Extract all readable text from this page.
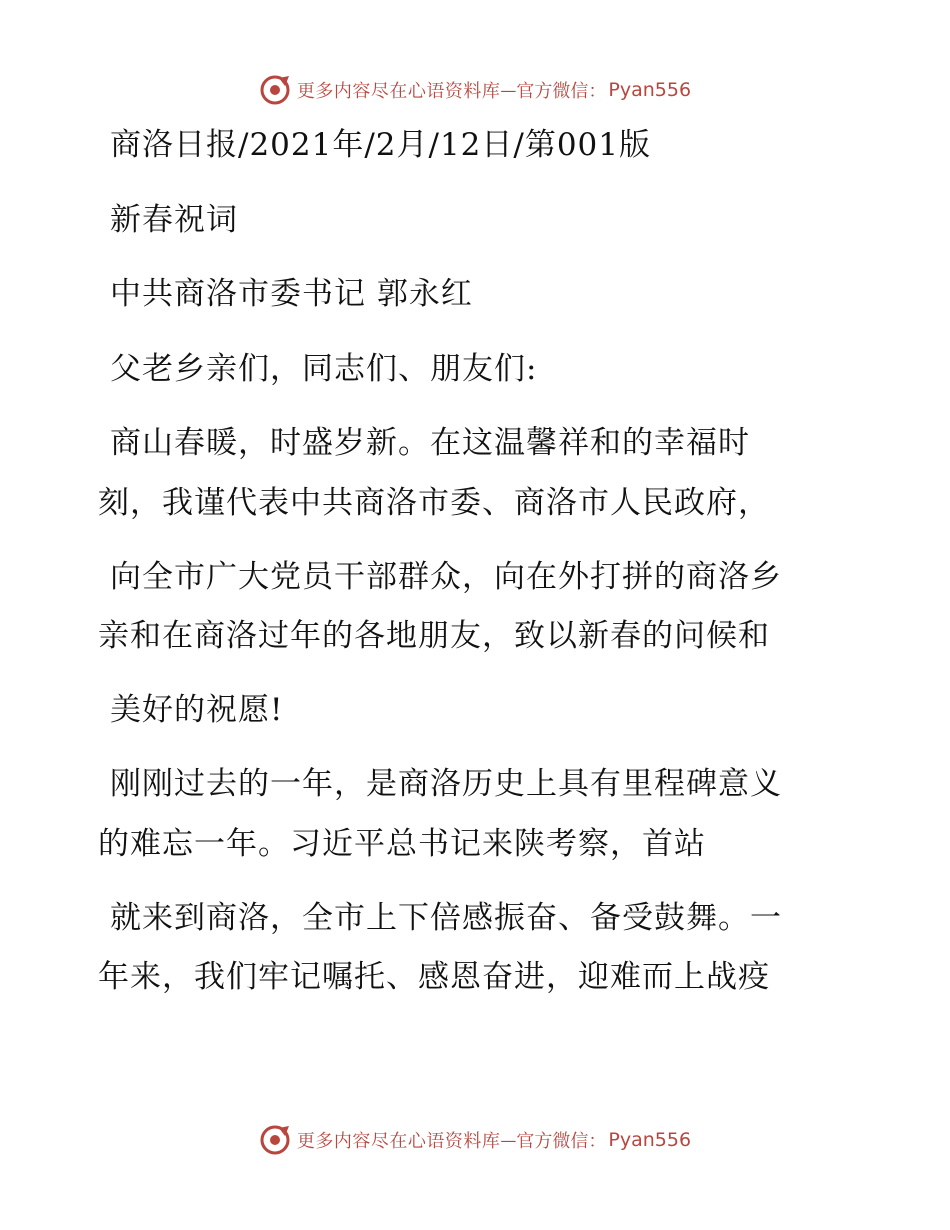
更多内容尽在心语资料库 — 官方微信： Pyan556
商洛日报/2021年/2月/12日/第001版
新春祝词
中共商洛市委书记 郭永红
父老乡亲们，同志们、朋友们:
商山春暖，时盛岁新。在这温馨祥和的幸福时
刻，我谨代表中共商洛市委、商洛市人民政府，
向全市广大党员干部群众，向在外打拼的商洛乡
亲和在商洛过年的各地朋友，致以新春的问候和
美好的祝愿!
刚刚过去的一年，是商洛历史上具有里程碑意义
的难忘一年。习近平总书记来陕考察，首站
就来到商洛，全市上下倍感振奋、备受鼓舞。一
年来，我们牢记嘱托、感恩奋进，迎难而上战疫
更多内容尽在心语资料库 — 官方微信： Pyan556
